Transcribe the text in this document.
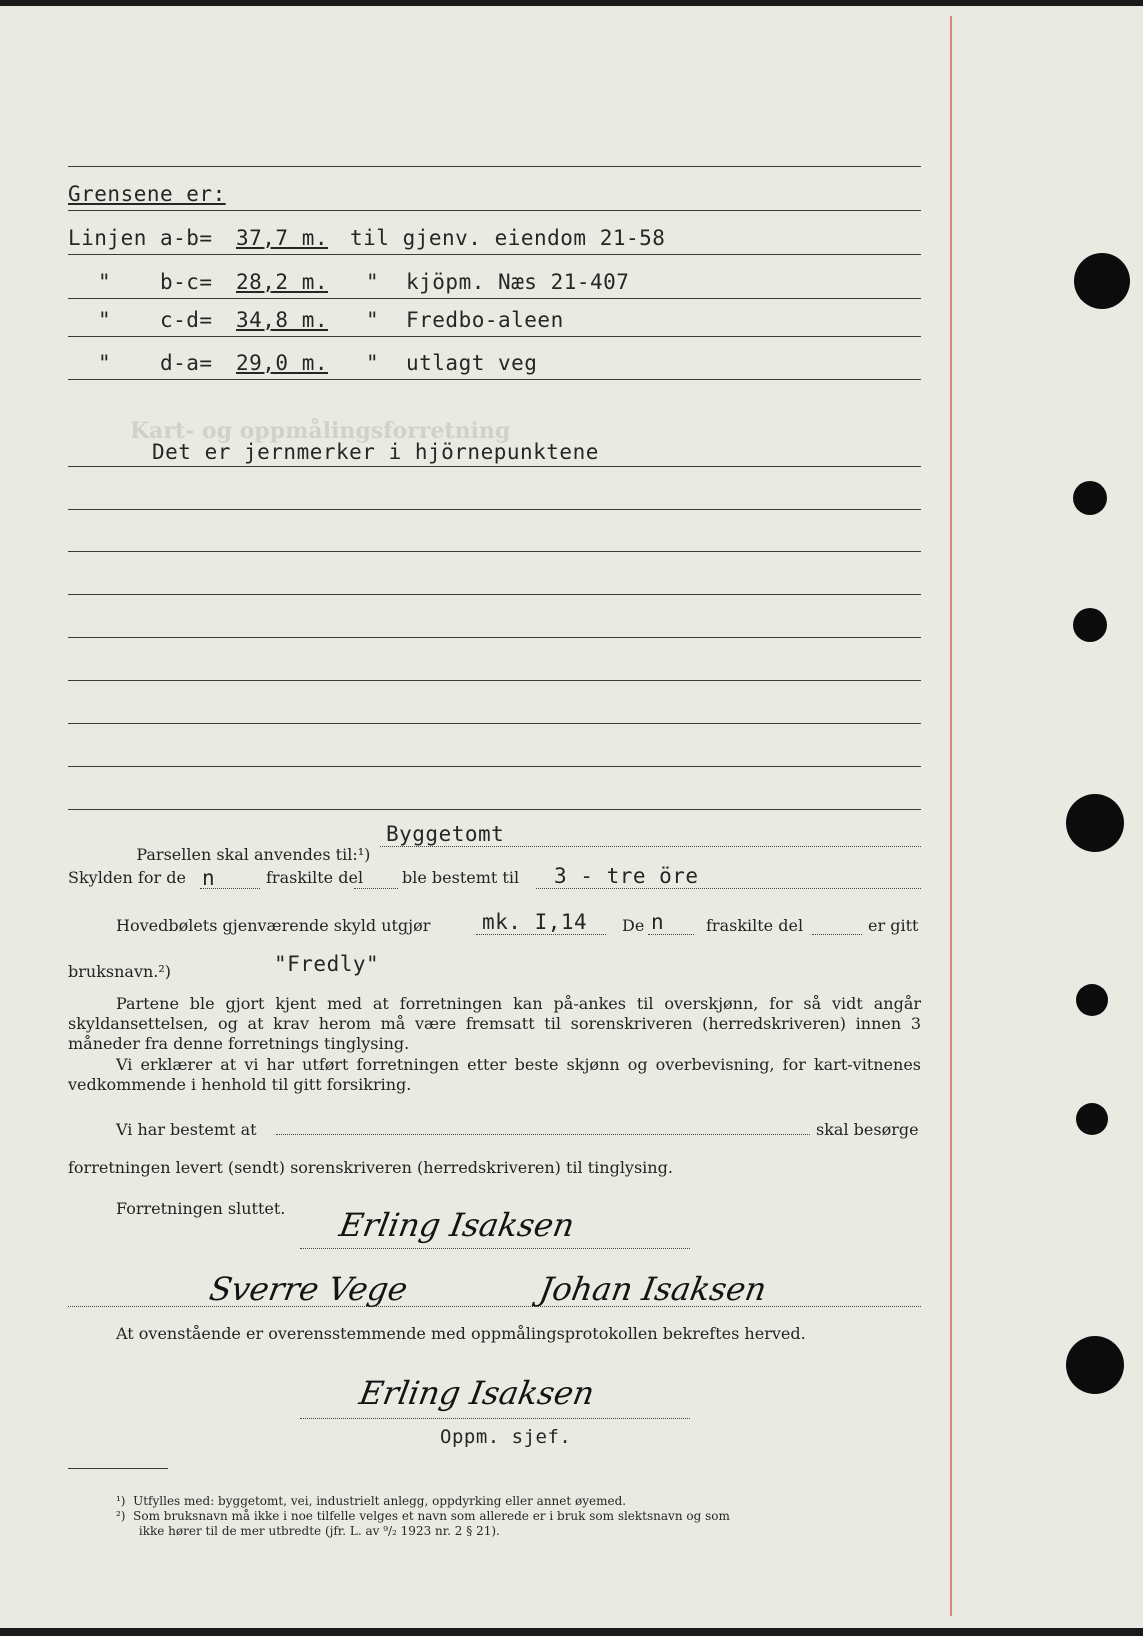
Kart- og oppmålingsforretning
Grensene er:
Linjen a-b= 37,7 m. til gjenv. eiendom 21-58
" b-c= 28,2 m. " kjöpm. Næs 21-407
" c-d= 34,8 m. " Fredbo-aleen
" d-a= 29,0 m. " utlagt veg
Det er jernmerker i hjörnepunktene

Parsellen skal anvendes til:¹)

Byggetomt
Skylden for de n	fraskilte del ble bestemt til 3 - tre öre
Hovedbølets gjenværende skyld utgjør mk. I,14 De n	fraskilte del	er gitt
bruksnavn.²)	"Fredly"
Partene ble gjort kjent med at forretningen kan på-ankes til overskjønn, for så vidt angår skyldansettelsen, og at krav herom må være fremsatt til sorenskriveren (herredskriveren) innen 3 måneder fra denne forretnings tinglysing.
Vi erklærer at vi har utført forretningen etter beste skjønn og overbevisning, for kart-vitnenes vedkommende i henhold til gitt forsikring.
Vi har bestemt at	skal besørge
forretningen levert (sendt) sorenskriveren (herredskriveren) til tinglysing.
Forretningen sluttet. Erling Isaksen
Sverre Vege	Johan Isaksen
At ovenstående er overensstemmende med oppmålingsprotokollen bekreftes herved.
Erling Isaksen
Oppm. sjef.
¹)  Utfylles med: byggetomt, vei, industrielt anlegg, oppdyrking eller annet øyemed.
²)  Som bruksnavn må ikke i noe tilfelle velges et navn som allerede er i bruk som slektsnavn og som
ikke hører til de mer utbredte (jfr. L. av ⁹/₂ 1923 nr. 2 § 21).
